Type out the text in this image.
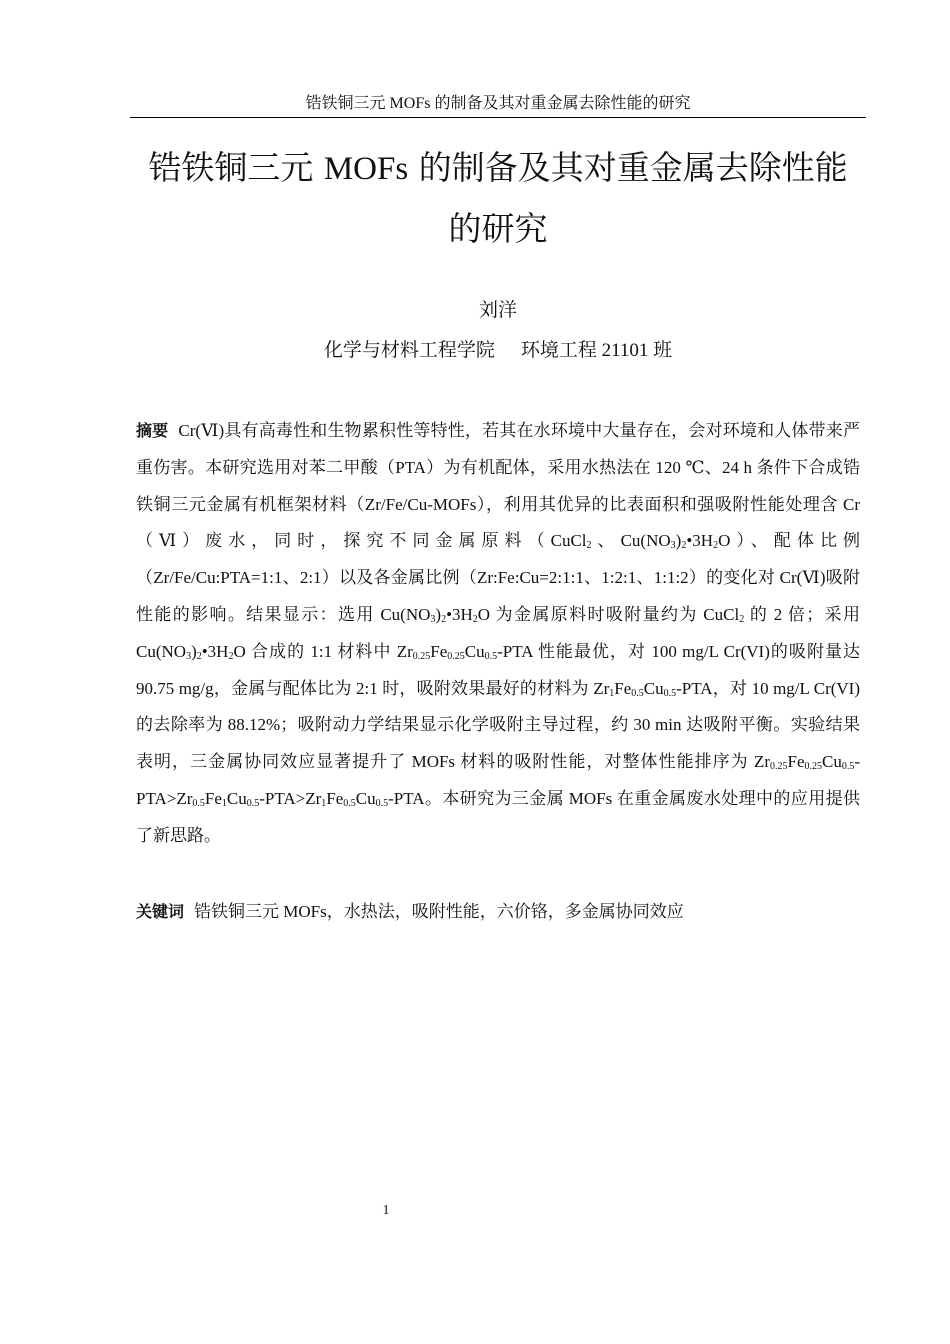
锆铁铜三元 MOFs 的制备及其对重金属去除性能的研究
锆铁铜三元 MOFs 的制备及其对重金属去除性能的研究
刘洋
化学与材料工程学院 环境工程 21101 班

摘要 Cr(Ⅵ)具有高毒性和生物累积性等特性，若其在水环境中大量存在，会对环境和人体带来严重伤害。本研究选用对苯二甲酸（PTA）为有机配体，采用水热法在 120 ℃、24 h 条件下合成锆铁铜三元金属有机框架材料（Zr/Fe/Cu-MOFs），利用其优异的比表面积和强吸附性能处理含 Cr（Ⅵ）废水，同时，探究不同金属原料（CuCl$_2$、$Cu(NO_3)_2•3H_2O$）、配体比例（Zr/Fe/Cu:PTA=1:1、2:1）以及各金属比例（Zr:Fe:Cu=2:1:1、1:2:1、1:1:2）的变化对 Cr(Ⅵ)吸附性能的影响。结果显示：选用 $Cu(NO_3)_2•3H_2O$ 为金属原料时吸附量约为 CuCl$_2$ 的 2 倍；采用 $Cu(NO_3)_2•3H_2O$ 合成的 1:1 材料中 $Zr_{0.25}Fe_{0.25}Cu_{0.5}$-PTA 性能最优，对 100 mg/L Cr(VI)的吸附量达 90.75 mg/g，金属与配体比为 2:1 时，吸附效果最好的材料为 $Zr_1Fe_{0.5}Cu_{0.5}$-PTA，对 10 mg/L Cr(VI)的去除率为 88.12%；吸附动力学结果显示化学吸附主导过程，约 30 min 达吸附平衡。实验结果表明，三金属协同效应显著提升了 MOFs 材料的吸附性能，对整体性能排序为 $Zr_{0.25}Fe_{0.25}Cu_{0.5}-PTA>Zr_{0.5}Fe_1Cu_{0.5}-PTA>Zr_1Fe_{0.5}Cu_{0.5}$-PTA。本研究为三金属 MOFs 在重金属废水处理中的应用提供了新思路。

关键词 锆铁铜三元 MOFs，水热法，吸附性能，六价铬，多金属协同效应
1
